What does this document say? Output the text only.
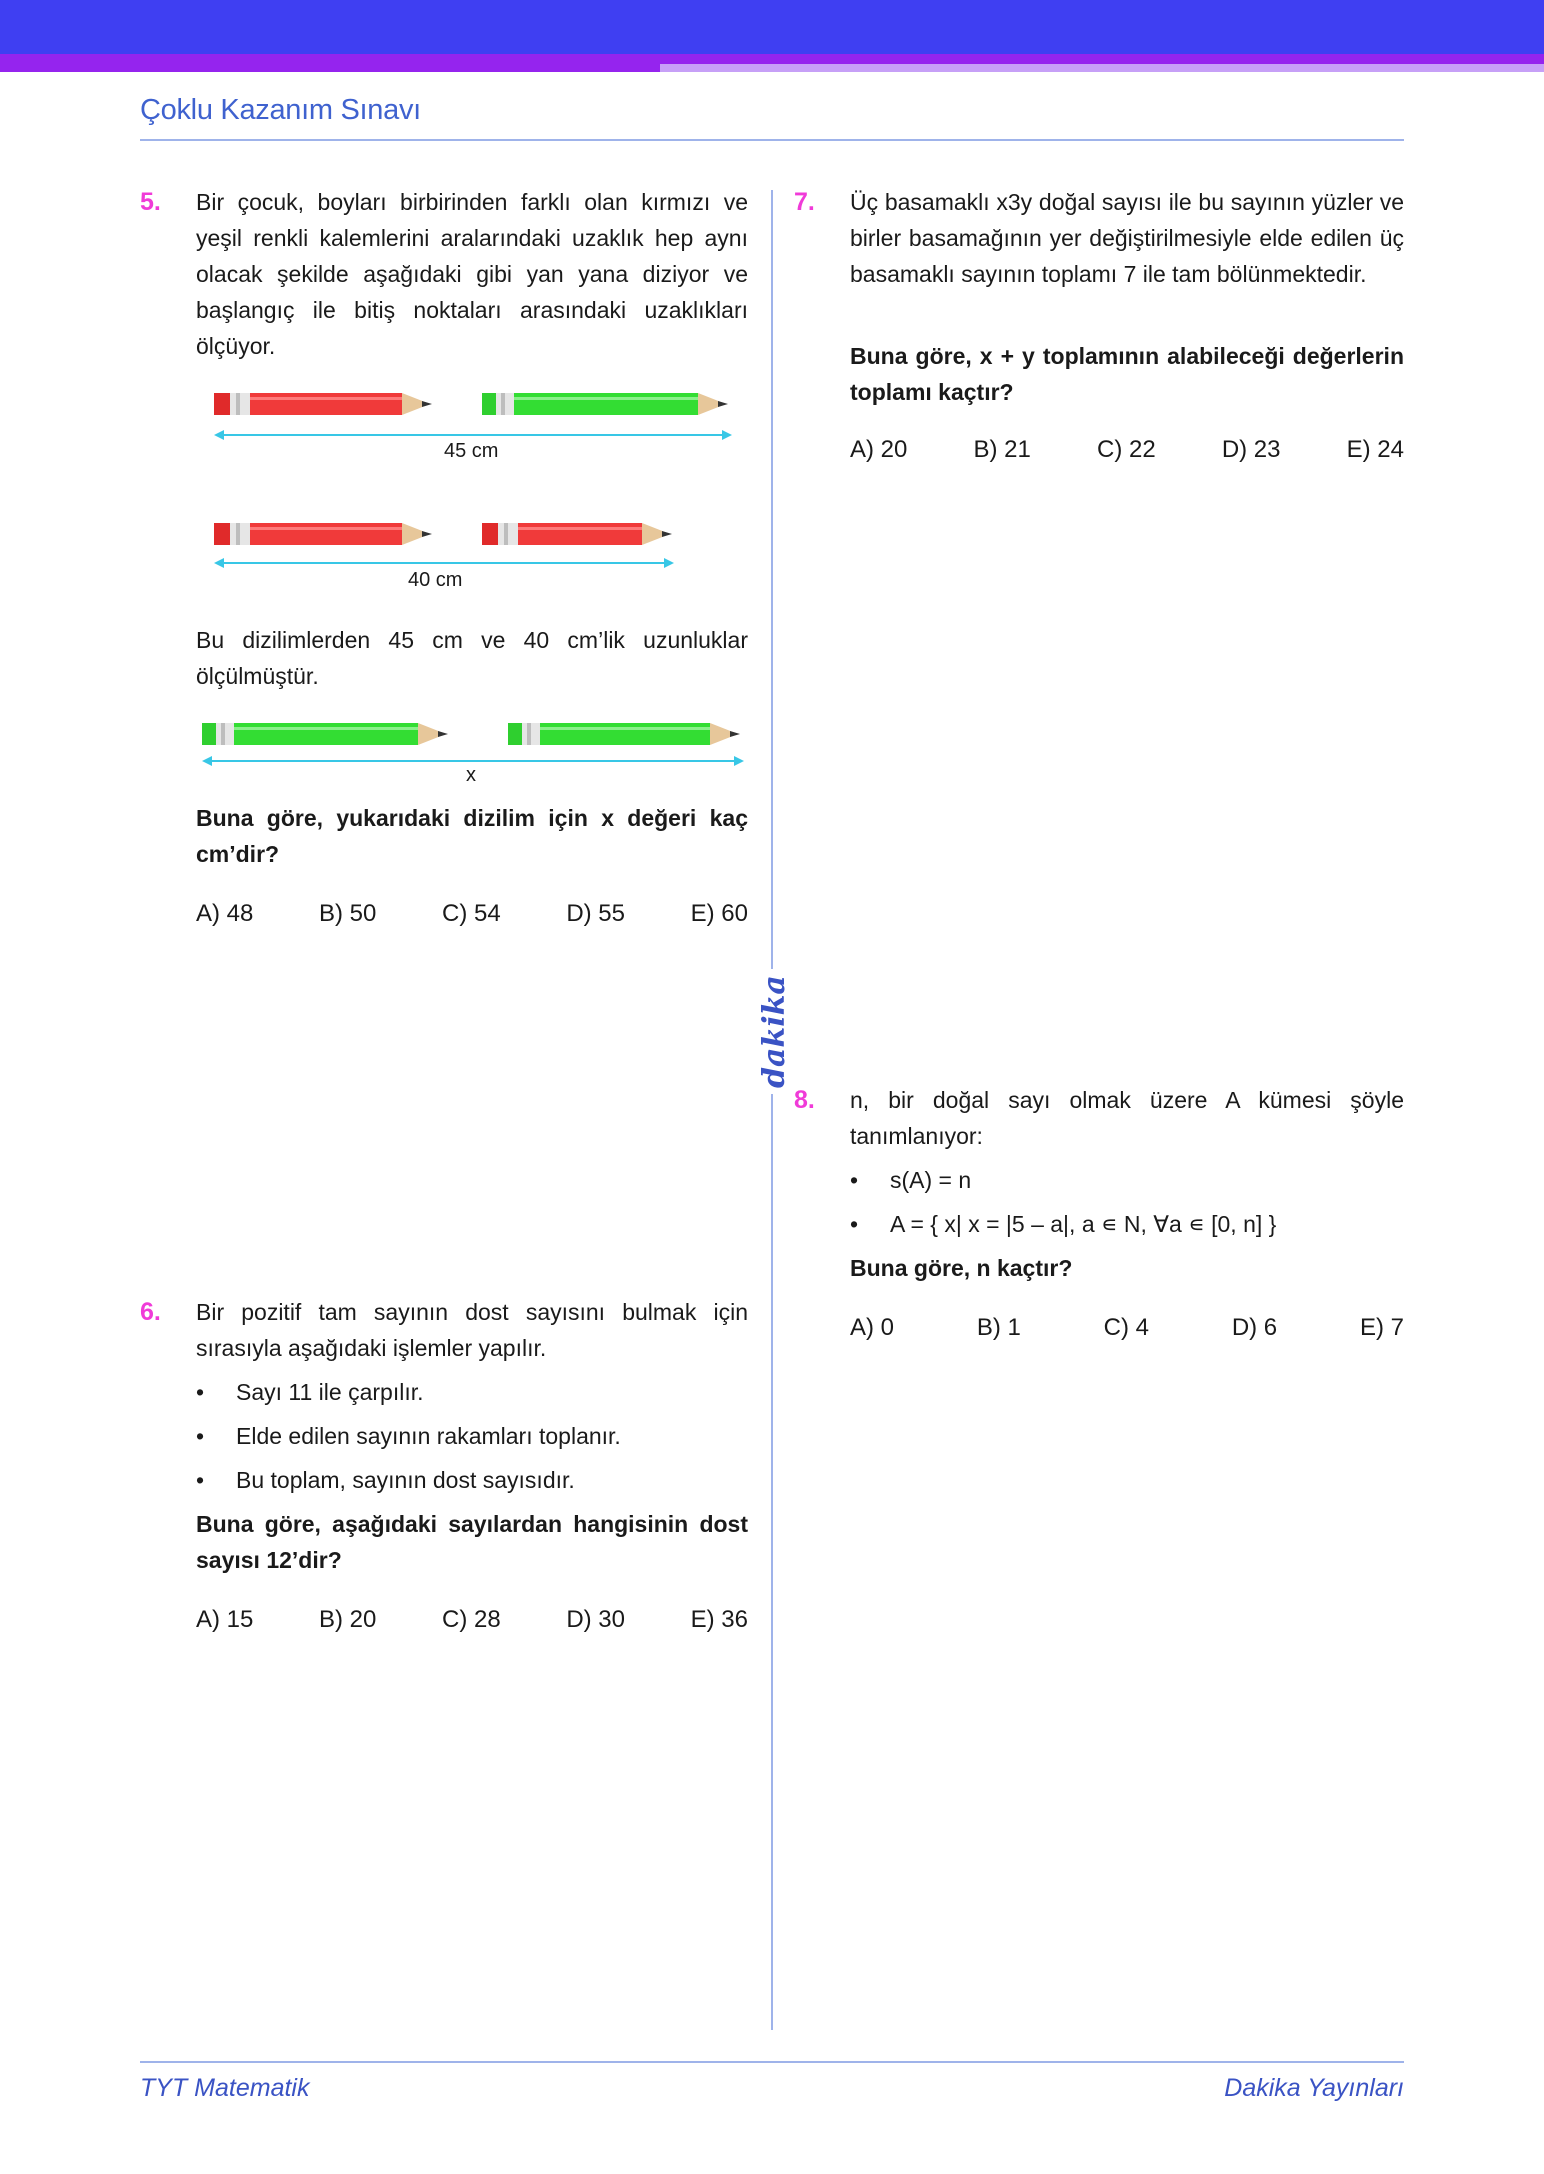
Çoklu Kazanım Sınavı
dakika
5. Bir çocuk, boyları birbirinden farklı olan kırmızı ve yeşil renkli kalemlerini aralarındaki uzaklık hep aynı olacak şekilde aşağıdaki gibi yan yana diziyor ve başlangıç ile bitiş noktaları arasındaki uzaklıkları ölçüyor.
45 cm
40 cm
Bu dizilimlerden 45 cm ve 40 cm’lik uzunluklar ölçülmüştür.
x
Buna göre, yukarıdaki dizilim için x değeri kaç cm’dir?
A) 48	B) 50	C) 54	D) 55	E) 60
6. Bir pozitif tam sayının dost sayısını bulmak için sırasıyla aşağıdaki işlemler yapılır.
• Sayı 11 ile çarpılır.
• Elde edilen sayının rakamları toplanır.
• Bu toplam, sayının dost sayısıdır.
Buna göre, aşağıdaki sayılardan hangisinin dost sayısı 12’dir?
A) 15	B) 20	C) 28	D) 30	E) 36
7. Üç basamaklı x3y doğal sayısı ile bu sayının yüzler ve birler basamağının yer değiştirilmesiyle elde edilen üç basamaklı sayının toplamı 7 ile tam bölünmektedir.
Buna göre, x + y toplamının alabileceği değerlerin toplamı kaçtır?
A) 20	B) 21	C) 22	D) 23	E) 24
8. n, bir doğal sayı olmak üzere A kümesi şöyle tanımlanıyor:
• s(A) = n
• A = { x| x = |5 – a|, a ∊ N, ∀a ∊ [0, n] }
Buna göre, n kaçtır?
A) 0	B) 1	C) 4	D) 6	E) 7
TYT Matematik	Dakika Yayınları
